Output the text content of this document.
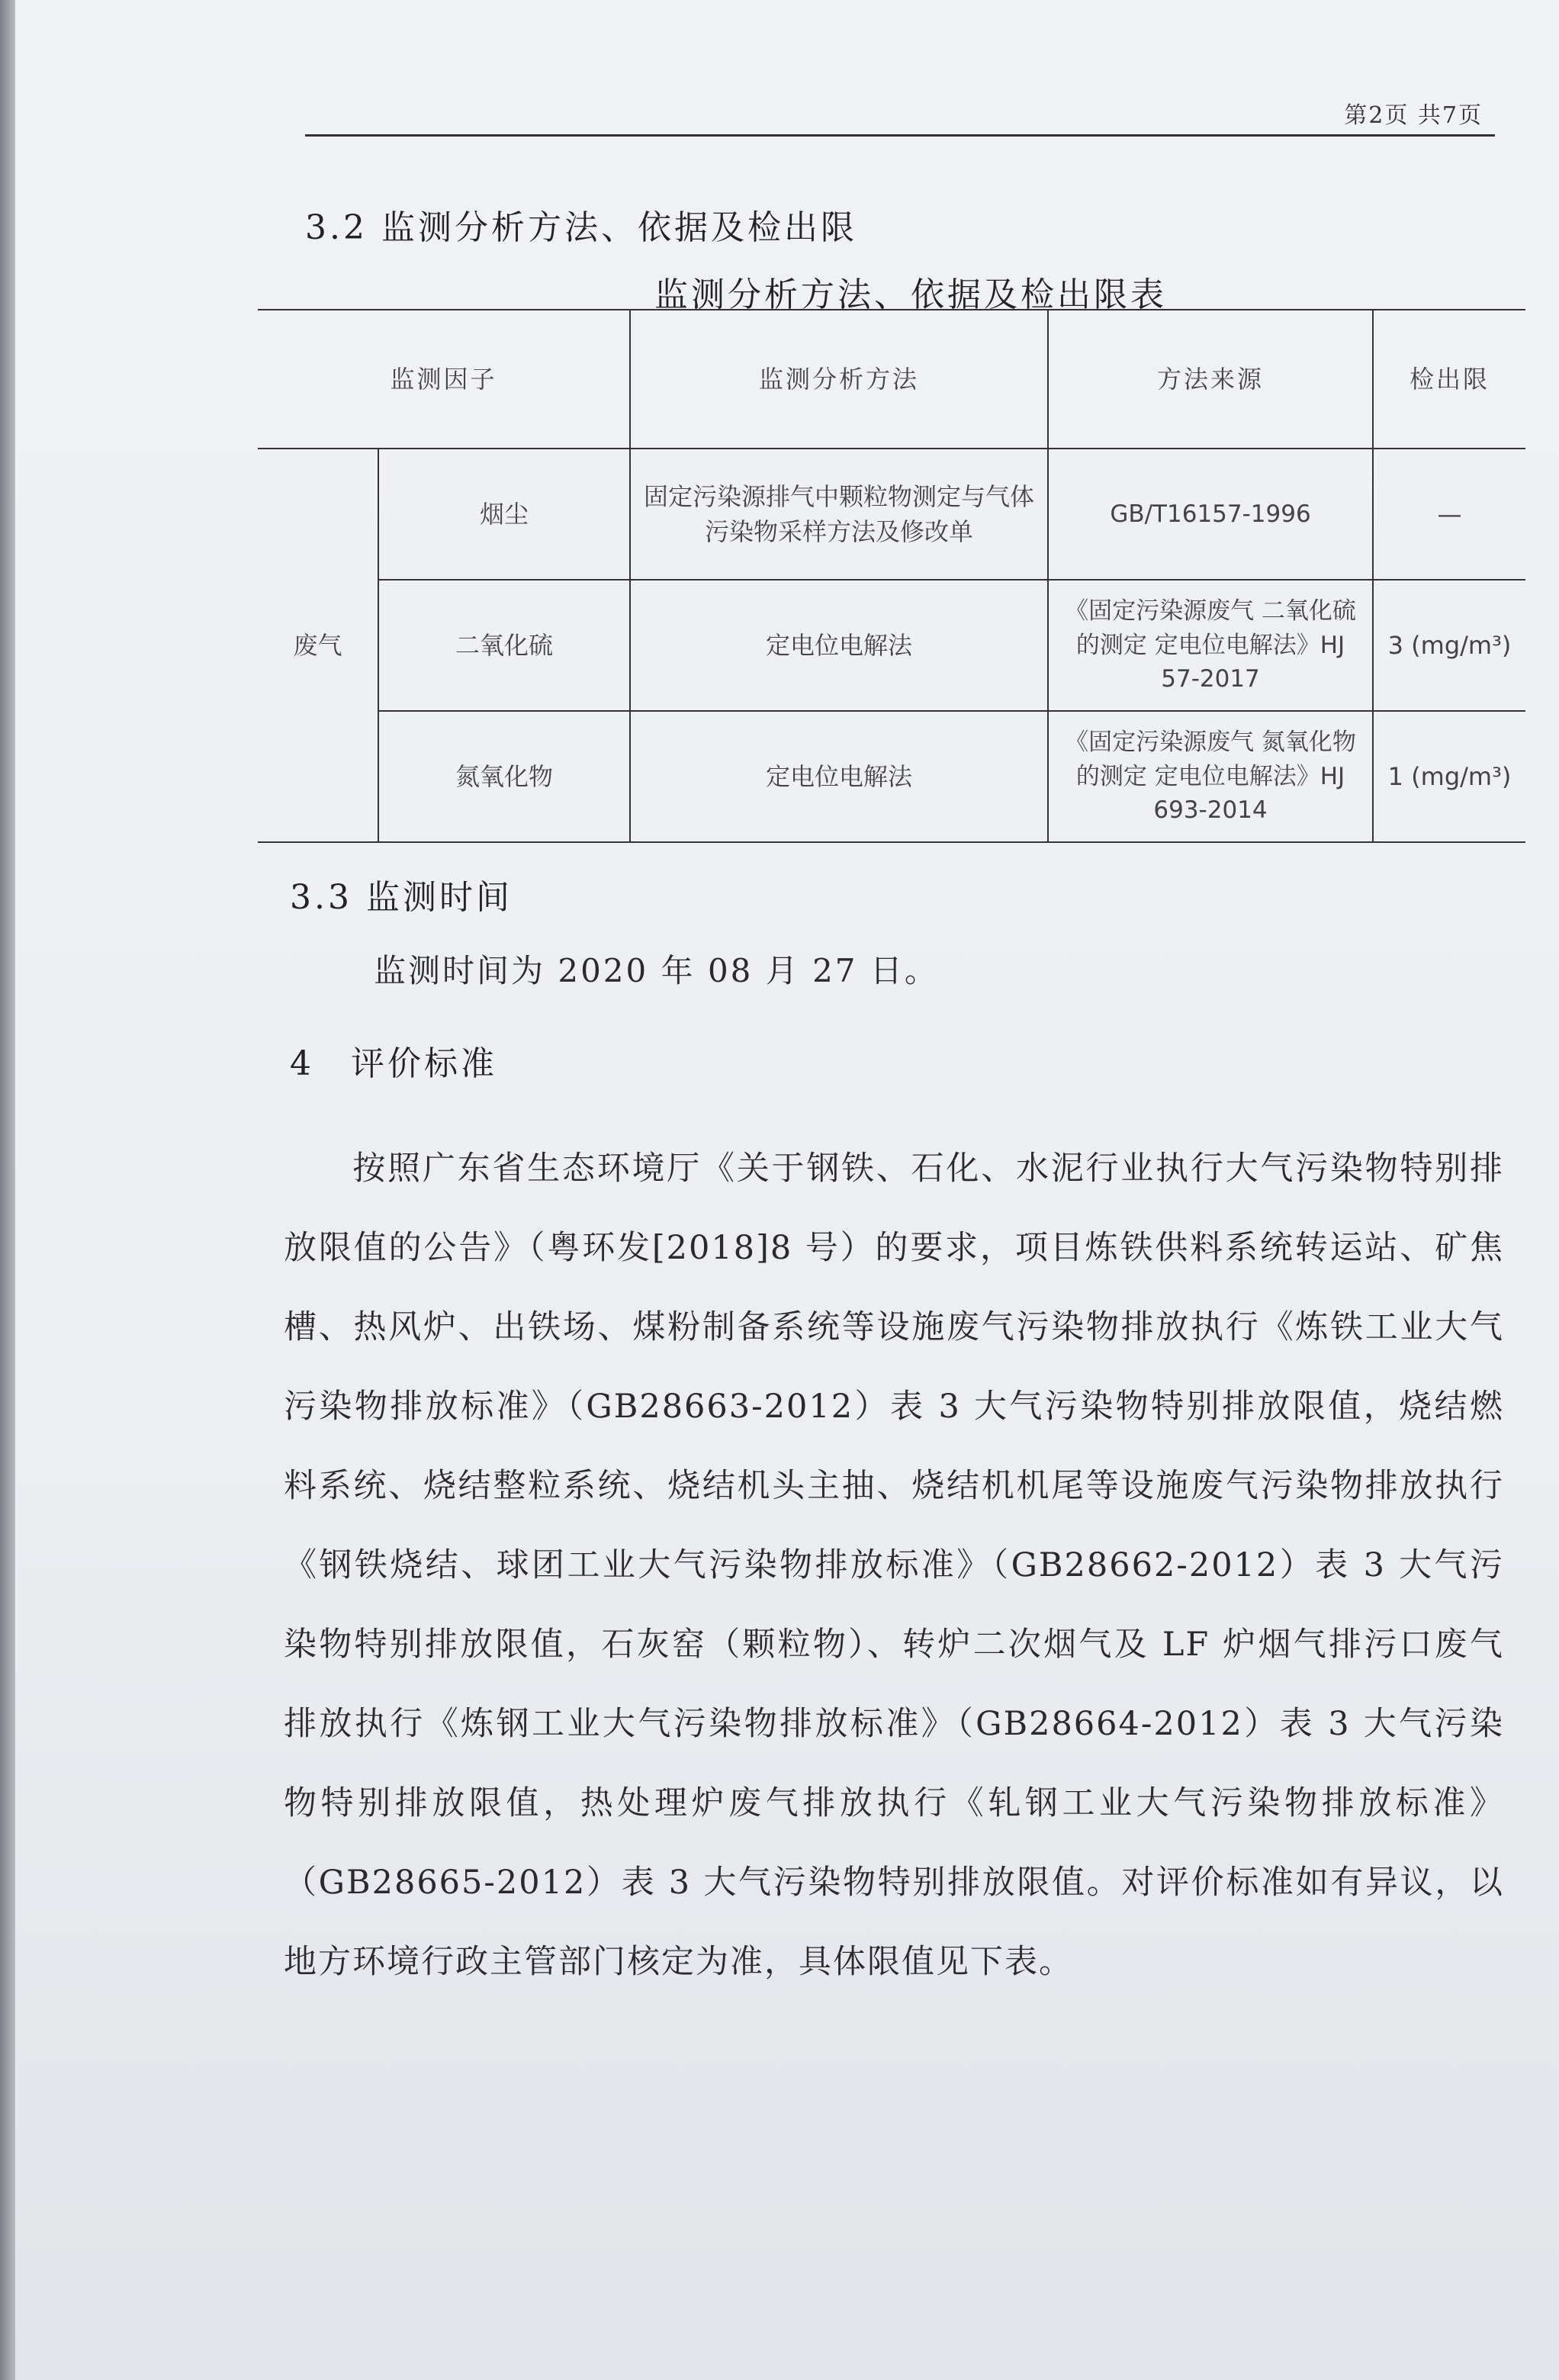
第2页 共7页
3.2 监测分析方法、依据及检出限
监测分析方法、依据及检出限表
监测因子		监测分析方法	方法来源	检出限
废气	烟尘	固定污染源排气中颗粒物测定与气体污染物采样方法及修改单	GB/T16157-1996	—
	二氧化硫	定电位电解法	《固定污染源废气 二氧化硫的测定 定电位电解法》HJ 57-2017	3 (mg/m³)
	氮氧化物	定电位电解法	《固定污染源废气 氮氧化物的测定 定电位电解法》HJ 693-2014	1 (mg/m³)
3.3 监测时间
监测时间为 2020 年 08 月 27 日。
4 评价标准
按照广东省生态环境厅《关于钢铁、石化、水泥行业执行大气污染物特别排放限值的公告》（粤环发[2018]8 号）的要求，项目炼铁供料系统转运站、矿焦槽、热风炉、出铁场、煤粉制备系统等设施废气污染物排放执行《炼铁工业大气污染物排放标准》（GB28663-2012）表 3 大气污染物特别排放限值，烧结燃料系统、烧结整粒系统、烧结机头主抽、烧结机机尾等设施废气污染物排放执行《钢铁烧结、球团工业大气污染物排放标准》（GB28662-2012）表 3 大气污染物特别排放限值，石灰窑（颗粒物）、转炉二次烟气及 LF 炉烟气排污口废气排放执行《炼钢工业大气污染物排放标准》（GB28664-2012）表 3 大气污染物特别排放限值，热处理炉废气排放执行《轧钢工业大气污染物排放标准》（GB28665-2012）表 3 大气污染物特别排放限值。对评价标准如有异议，以地方环境行政主管部门核定为准，具体限值见下表。
